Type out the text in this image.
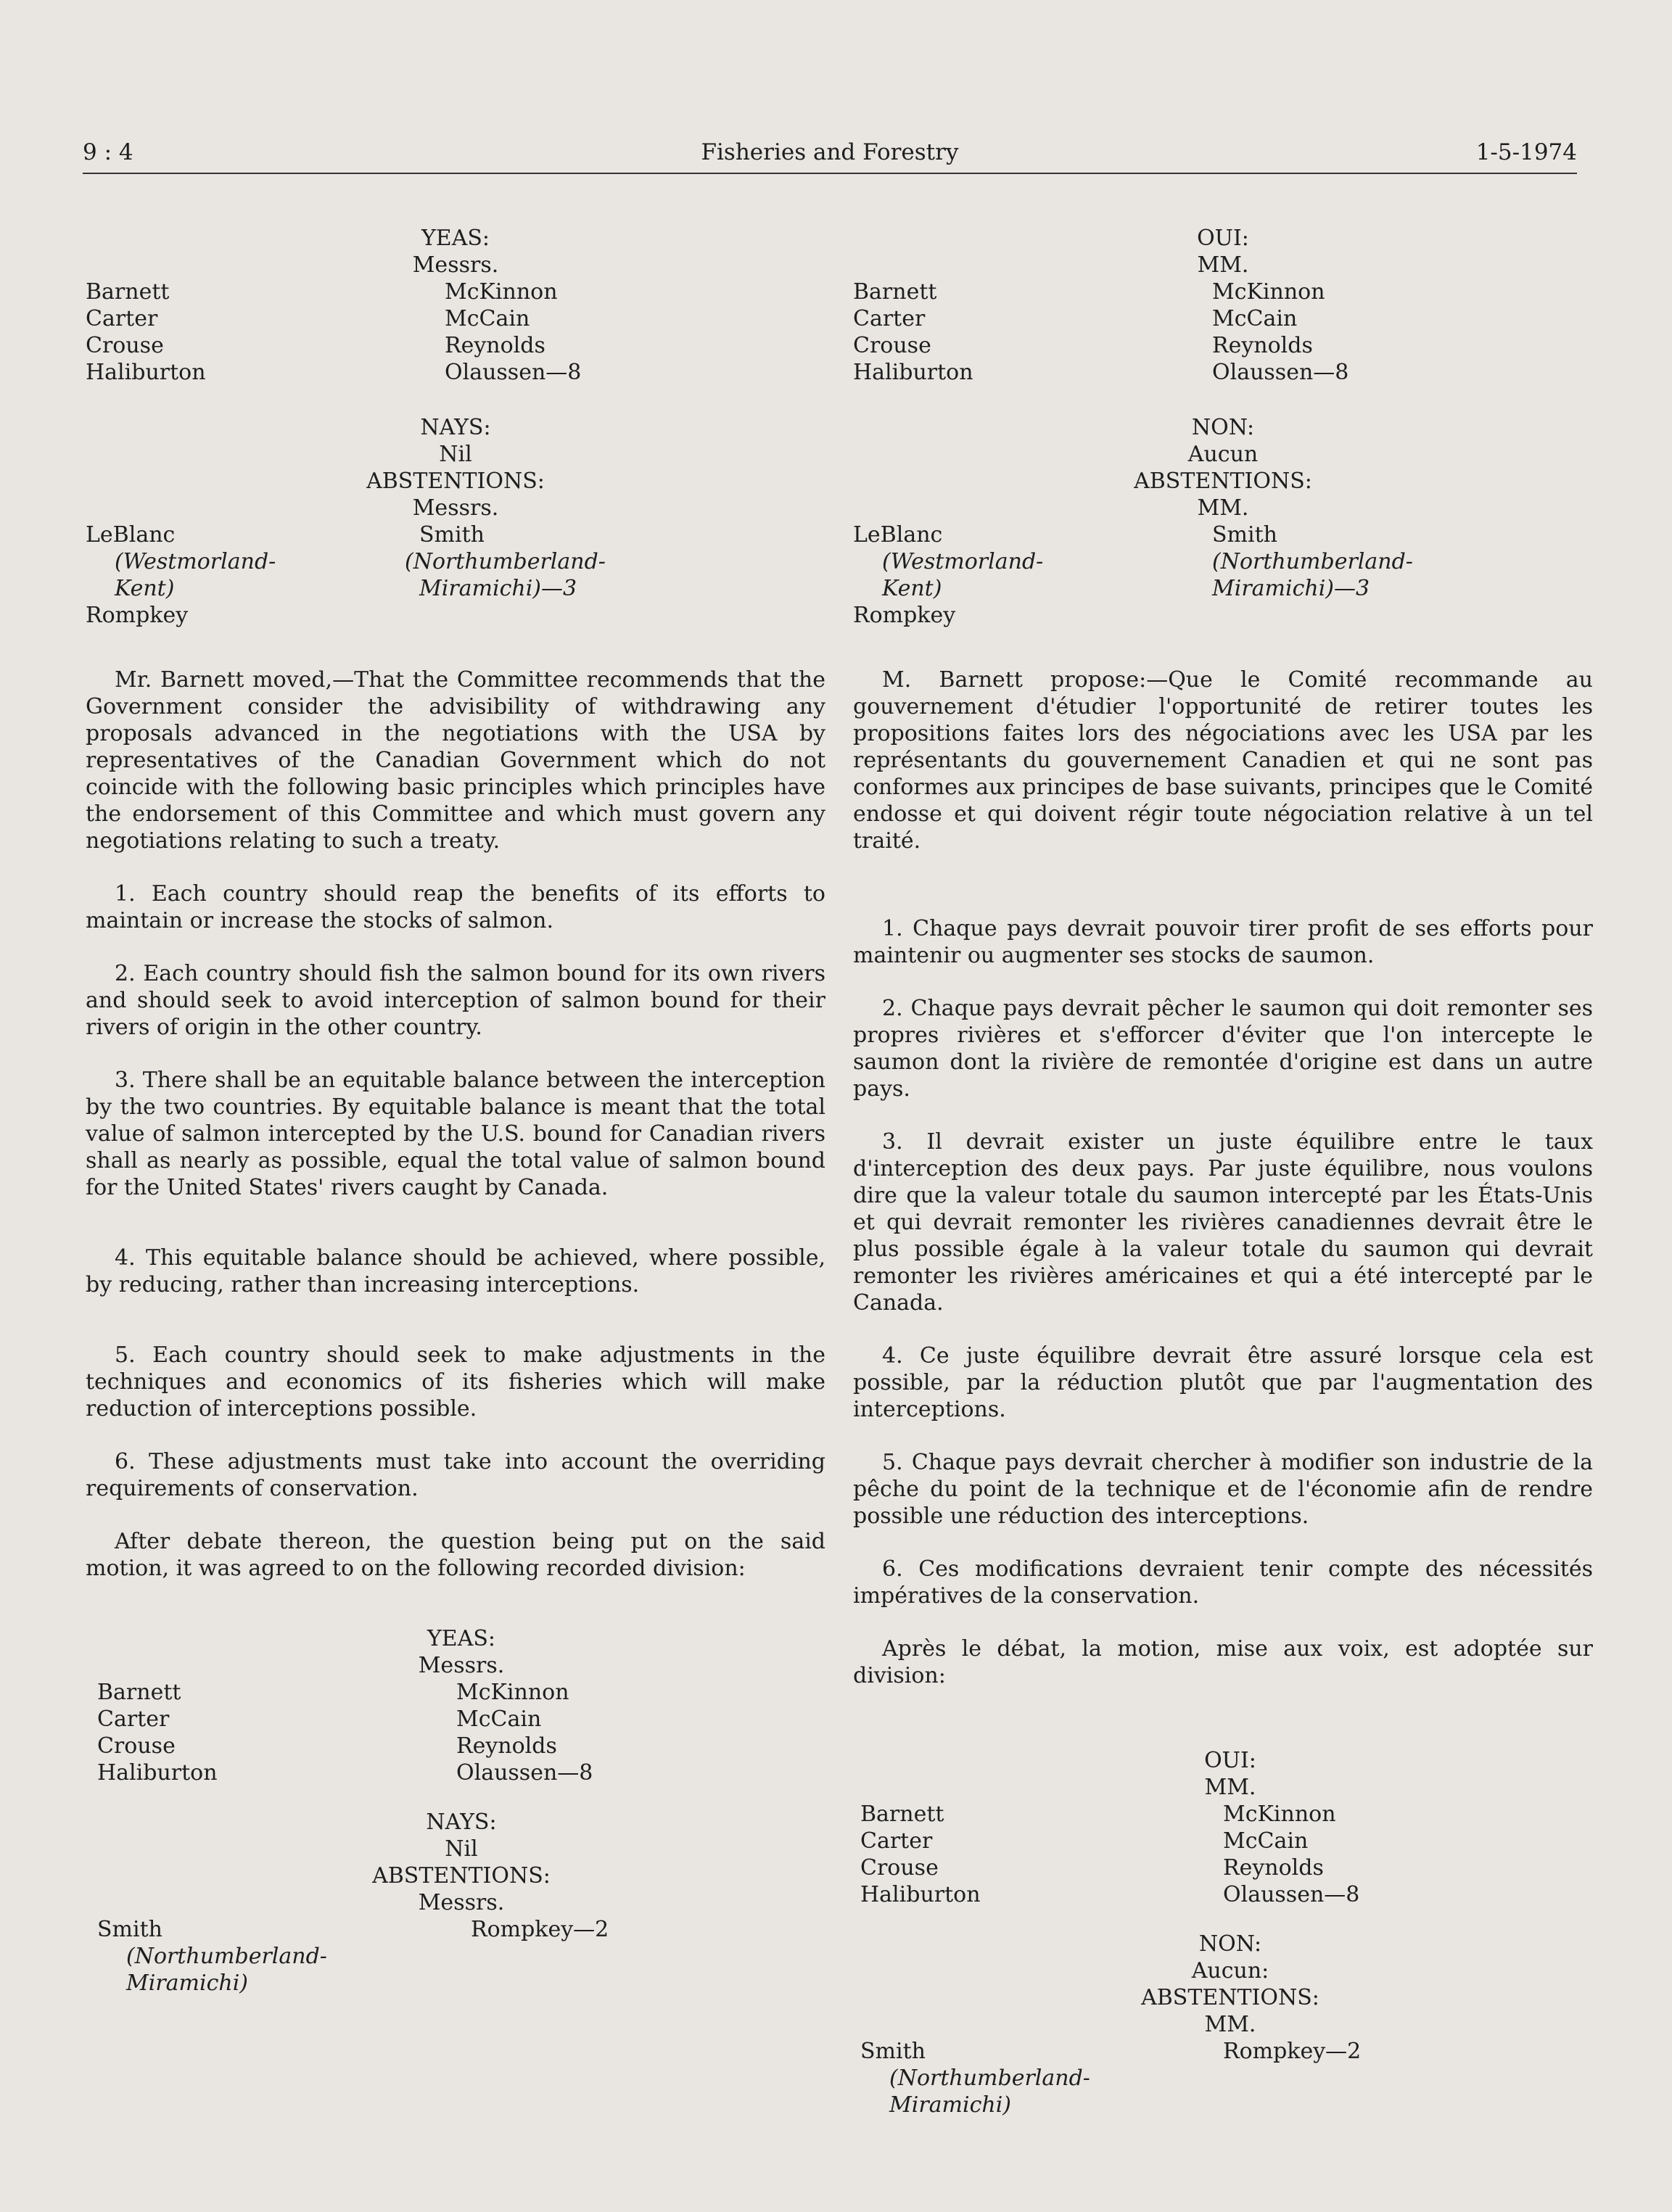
9 : 4	Fisheries and Forestry	1-5-1974
YEAS:
Messrs.
Barnett
Carter
Crouse
Haliburton
McKinnon
McCain
Reynolds
Olaussen—8
NAYS:
Nil
ABSTENTIONS:
Messrs.
LeBlanc
(Westmorland-
Kent)
Rompkey
Smith
(Northumberland-
Miramichi)—3

Mr. Barnett moved,—That the Committee recommends that the Government consider the advisibility of withdrawing any proposals advanced in the negotiations with the USA by representatives of the Canadian Government which do not coincide with the following basic principles which principles have the endorsement of this Committee and which must govern any negotiations relating to such a treaty.

1. Each country should reap the benefits of its efforts to maintain or increase the stocks of salmon.

2. Each country should fish the salmon bound for its own rivers and should seek to avoid interception of salmon bound for their rivers of origin in the other country.

3. There shall be an equitable balance between the interception by the two countries. By equitable balance is meant that the total value of salmon intercepted by the U.S. bound for Canadian rivers shall as nearly as possible, equal the total value of salmon bound for the United States' rivers caught by Canada.

4. This equitable balance should be achieved, where possible, by reducing, rather than increasing interceptions.

5. Each country should seek to make adjustments in the techniques and economics of its fisheries which will make reduction of interceptions possible.

6. These adjustments must take into account the overriding requirements of conservation.

After debate thereon, the question being put on the said motion, it was agreed to on the following recorded division:

YEAS:
Messrs.
Barnett
Carter
Crouse
Haliburton
McKinnon
McCain
Reynolds
Olaussen—8
NAYS:
Nil
ABSTENTIONS:
Messrs.
Smith
(Northumberland-
Miramichi)
Rompkey—2
OUI:
MM.
Barnett
Carter
Crouse
Haliburton
McKinnon
McCain
Reynolds
Olaussen—8
NON:
Aucun
ABSTENTIONS:
MM.
LeBlanc
(Westmorland-
Kent)
Rompkey
Smith
(Northumberland-
Miramichi)—3

M. Barnett propose:—Que le Comité recommande au gouvernement d'étudier l'opportunité de retirer toutes les propositions faites lors des négociations avec les USA par les représentants du gouvernement Canadien et qui ne sont pas conformes aux principes de base suivants, principes que le Comité endosse et qui doivent régir toute négociation relative à un tel traité.

1. Chaque pays devrait pouvoir tirer profit de ses efforts pour maintenir ou augmenter ses stocks de saumon.

2. Chaque pays devrait pêcher le saumon qui doit remonter ses propres rivières et s'efforcer d'éviter que l'on intercepte le saumon dont la rivière de remontée d'origine est dans un autre pays.

3. Il devrait exister un juste équilibre entre le taux d'interception des deux pays. Par juste équilibre, nous voulons dire que la valeur totale du saumon intercepté par les États-Unis et qui devrait remonter les rivières canadiennes devrait être le plus possible égale à la valeur totale du saumon qui devrait remonter les rivières américaines et qui a été intercepté par le Canada.

4. Ce juste équilibre devrait être assuré lorsque cela est possible, par la réduction plutôt que par l'augmentation des interceptions.

5. Chaque pays devrait chercher à modifier son industrie de la pêche du point de la technique et de l'économie afin de rendre possible une réduction des interceptions.

6. Ces modifications devraient tenir compte des nécessités impératives de la conservation.

Après le débat, la motion, mise aux voix, est adoptée sur division:

OUI:
MM.
Barnett
Carter
Crouse
Haliburton
McKinnon
McCain
Reynolds
Olaussen—8
NON:
Aucun:
ABSTENTIONS:
MM.
Smith
(Northumberland-
Miramichi)
Rompkey—2
